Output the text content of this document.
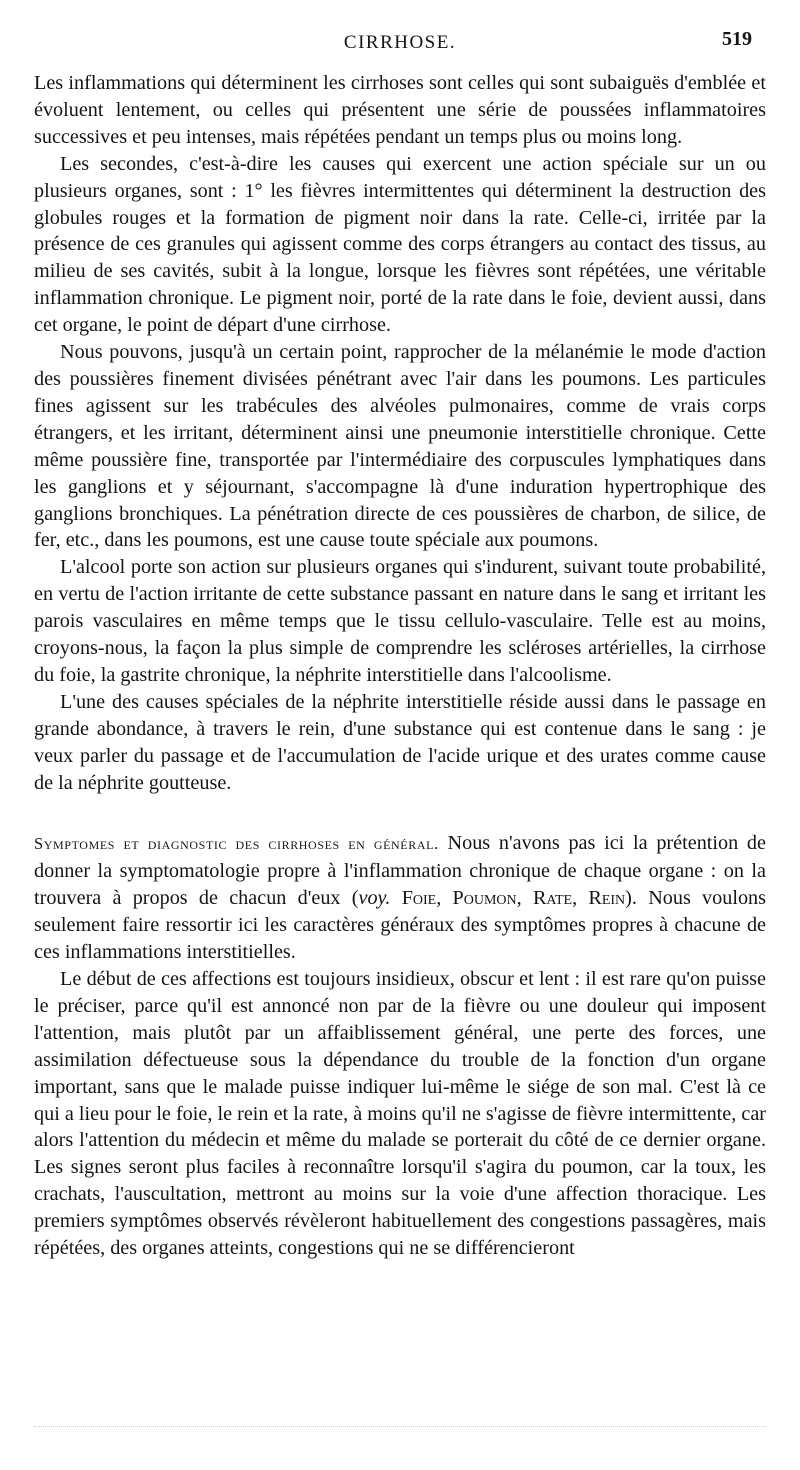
CIRRHOSE.	519

Les inflammations qui déterminent les cirrhoses sont celles qui sont subaiguës d'emblée et évoluent lentement, ou celles qui présentent une série de poussées inflammatoires successives et peu intenses, mais répétées pendant un temps plus ou moins long.

Les secondes, c'est-à-dire les causes qui exercent une action spéciale sur un ou plusieurs organes, sont : 1° les fièvres intermittentes qui déterminent la destruction des globules rouges et la formation de pigment noir dans la rate. Celle-ci, irritée par la présence de ces granules qui agissent comme des corps étrangers au contact des tissus, au milieu de ses cavités, subit à la longue, lorsque les fièvres sont répétées, une véritable inflammation chronique. Le pigment noir, porté de la rate dans le foie, devient aussi, dans cet organe, le point de départ d'une cirrhose.

Nous pouvons, jusqu'à un certain point, rapprocher de la mélanémie le mode d'action des poussières finement divisées pénétrant avec l'air dans les poumons. Les particules fines agissent sur les trabécules des alvéoles pulmonaires, comme de vrais corps étrangers, et les irritant, déterminent ainsi une pneumonie interstitielle chronique. Cette même poussière fine, transportée par l'intermédiaire des corpuscules lymphatiques dans les ganglions et y séjournant, s'accompagne là d'une induration hypertrophique des ganglions bronchiques. La pénétration directe de ces poussières de charbon, de silice, de fer, etc., dans les poumons, est une cause toute spéciale aux poumons.

L'alcool porte son action sur plusieurs organes qui s'indurent, suivant toute probabilité, en vertu de l'action irritante de cette substance passant en nature dans le sang et irritant les parois vasculaires en même temps que le tissu cellulo-vasculaire. Telle est au moins, croyons-nous, la façon la plus simple de comprendre les scléroses artérielles, la cirrhose du foie, la gastrite chronique, la néphrite interstitielle dans l'alcoolisme.

L'une des causes spéciales de la néphrite interstitielle réside aussi dans le passage en grande abondance, à travers le rein, d'une substance qui est contenue dans le sang : je veux parler du passage et de l'accumulation de l'acide urique et des urates comme cause de la néphrite goutteuse.

Symptomes et diagnostic des cirrhoses en général. Nous n'avons pas ici la prétention de donner la symptomatologie propre à l'inflammation chronique de chaque organe : on la trouvera à propos de chacun d'eux (voy. Foie, Poumon, Rate, Rein). Nous voulons seulement faire ressortir ici les caractères généraux des symptômes propres à chacune de ces inflammations interstitielles.

Le début de ces affections est toujours insidieux, obscur et lent : il est rare qu'on puisse le préciser, parce qu'il est annoncé non par de la fièvre ou une douleur qui imposent l'attention, mais plutôt par un affaiblissement général, une perte des forces, une assimilation défectueuse sous la dépendance du trouble de la fonction d'un organe important, sans que le malade puisse indiquer lui-même le siége de son mal. C'est là ce qui a lieu pour le foie, le rein et la rate, à moins qu'il ne s'agisse de fièvre intermittente, car alors l'attention du médecin et même du malade se porterait du côté de ce dernier organe. Les signes seront plus faciles à reconnaître lorsqu'il s'agira du poumon, car la toux, les crachats, l'auscultation, mettront au moins sur la voie d'une affection thoracique. Les premiers symptômes observés révèleront habituellement des congestions passagères, mais répétées, des organes atteints, congestions qui ne se différencieront
